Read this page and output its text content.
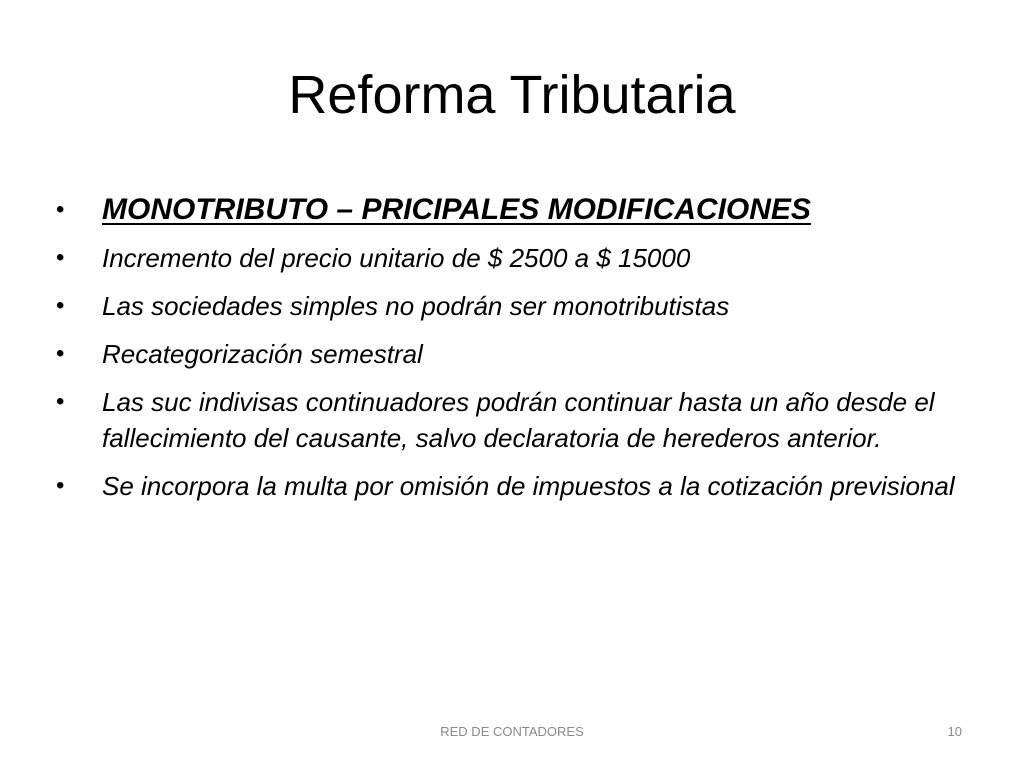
Reforma Tributaria
• MONOTRIBUTO – PRICIPALES MODIFICACIONES
• Incremento del precio unitario de $ 2500 a $ 15000
• Las sociedades simples no podrán ser monotributistas
• Recategorización semestral
• Las suc indivisas continuadores podrán continuar hasta un año desde el fallecimiento del causante, salvo declaratoria de herederos anterior.
• Se incorpora la multa por omisión de impuestos a la cotización previsional
RED DE CONTADORES	10
